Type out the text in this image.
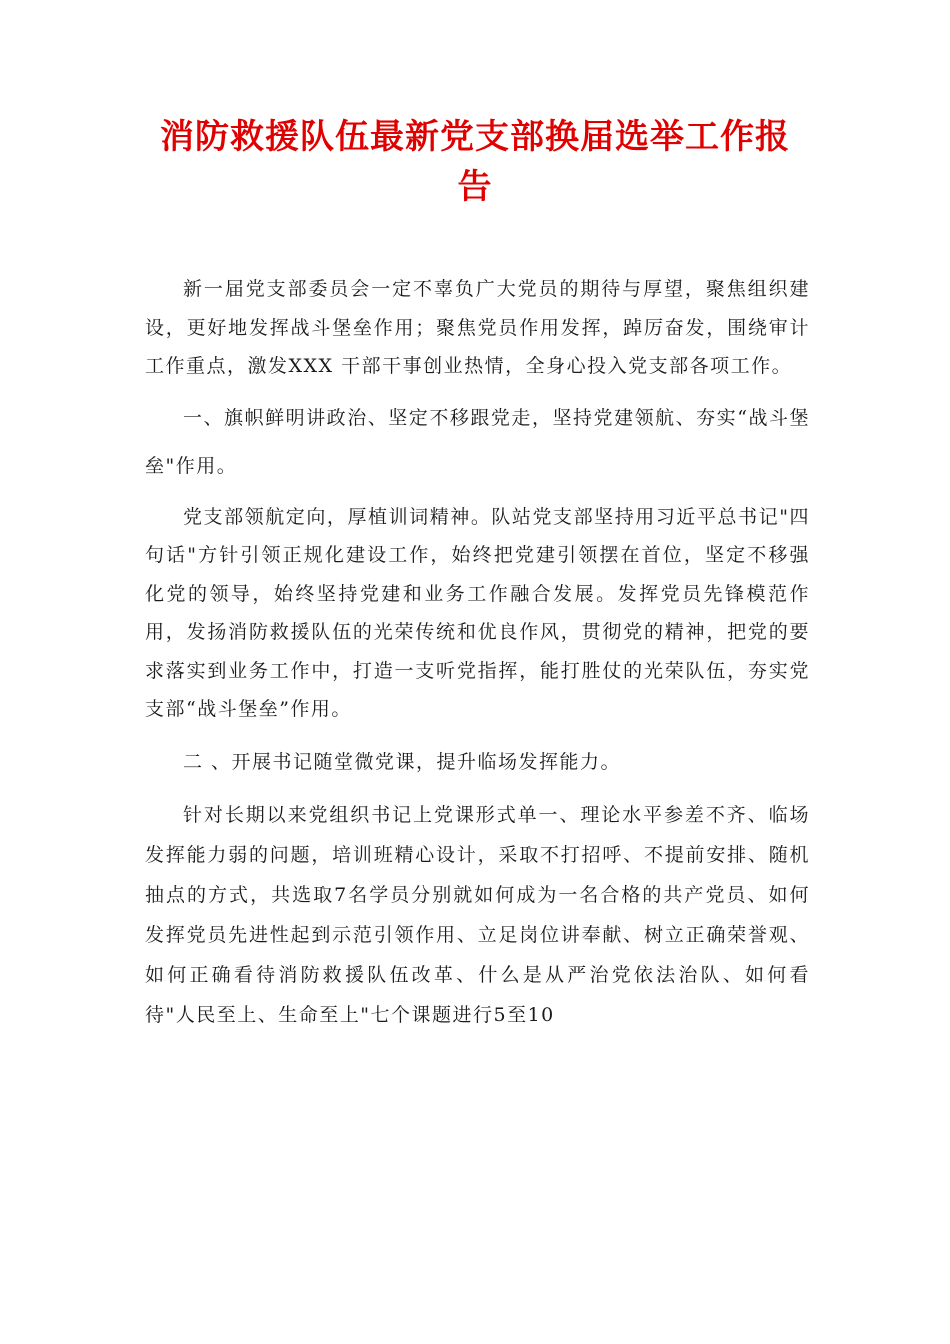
消防救援队伍最新党支部换届选举工作报告

新一届党支部委员会一定不辜负广大党员的期待与厚望，聚焦组织建设，更好地发挥战斗堡垒作用；聚焦党员作用发挥，踔厉奋发，围绕审计工作重点，激发XXX 干部干事创业热情，全身心投入党支部各项工作。

一、旗帜鲜明讲政治、坚定不移跟党走，坚持党建领航、夯实“战斗堡垒"作用。

党支部领航定向，厚植训词精神。队站党支部坚持用习近平总书记"四句话"方针引领正规化建设工作，始终把党建引领摆在首位，坚定不移强化党的领导，始终坚持党建和业务工作融合发展。发挥党员先锋模范作用，发扬消防救援队伍的光荣传统和优良作风，贯彻党的精神，把党的要求落实到业务工作中，打造一支听党指挥，能打胜仗的光荣队伍，夯实党支部“战斗堡垒”作用。

二 、开展书记随堂微党课，提升临场发挥能力。

针对长期以来党组织书记上党课形式单一、理论水平参差不齐、临场发挥能力弱的问题，培训班精心设计，采取不打招呼、不提前安排、随机抽点的方式，共选取7名学员分别就如何成为一名合格的共产党员、如何发挥党员先进性起到示范引领作用、立足岗位讲奉献、树立正确荣誉观、如何正确看待消防救援队伍改革、什么是从严治党依法治队、如何看待"人民至上、生命至上"七个课题进行5至10
